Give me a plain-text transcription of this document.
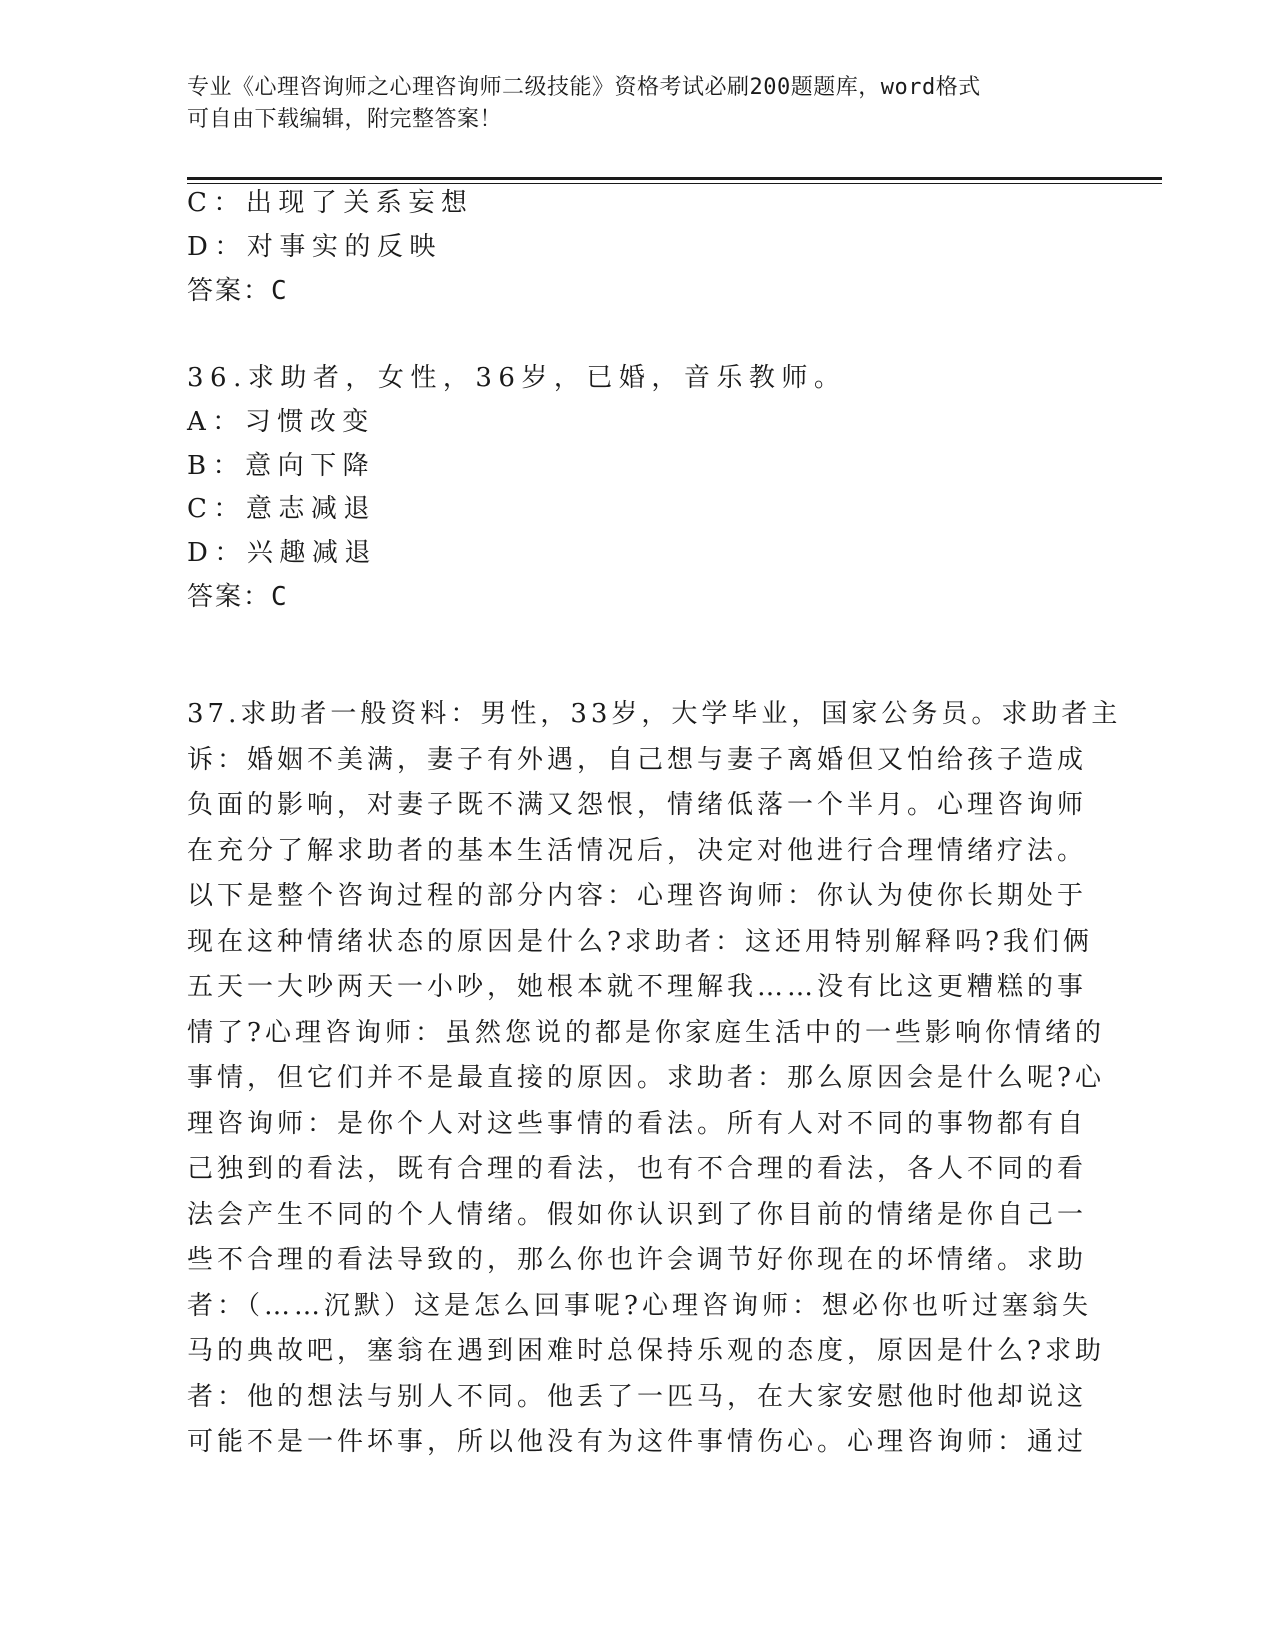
专业《心理咨询师之心理咨询师二级技能》资格考试必刷200题题库，word格式
可自由下载编辑，附完整答案！
C：出现了关系妄想
D：对事实的反映
答案：C
36.求助者，女性，36岁，已婚，音乐教师。
A：习惯改变
B：意向下降
C：意志减退
D：兴趣减退
答案：C
37.求助者一般资料：男性，33岁，大学毕业，国家公务员。求助者主
诉：婚姻不美满，妻子有外遇，自己想与妻子离婚但又怕给孩子造成
负面的影响，对妻子既不满又怨恨，情绪低落一个半月。心理咨询师
在充分了解求助者的基本生活情况后，决定对他进行合理情绪疗法。
以下是整个咨询过程的部分内容：心理咨询师：你认为使你长期处于
现在这种情绪状态的原因是什么?求助者：这还用特别解释吗?我们俩
五天一大吵两天一小吵，她根本就不理解我……没有比这更糟糕的事
情了?心理咨询师：虽然您说的都是你家庭生活中的一些影响你情绪的
事情，但它们并不是最直接的原因。求助者：那么原因会是什么呢?心
理咨询师：是你个人对这些事情的看法。所有人对不同的事物都有自
己独到的看法，既有合理的看法，也有不合理的看法，各人不同的看
法会产生不同的个人情绪。假如你认识到了你目前的情绪是你自己一
些不合理的看法导致的，那么你也许会调节好你现在的坏情绪。求助
者：（……沉默）这是怎么回事呢?心理咨询师：想必你也听过塞翁失
马的典故吧，塞翁在遇到困难时总保持乐观的态度，原因是什么?求助
者：他的想法与别人不同。他丢了一匹马，在大家安慰他时他却说这
可能不是一件坏事，所以他没有为这件事情伤心。心理咨询师：通过
